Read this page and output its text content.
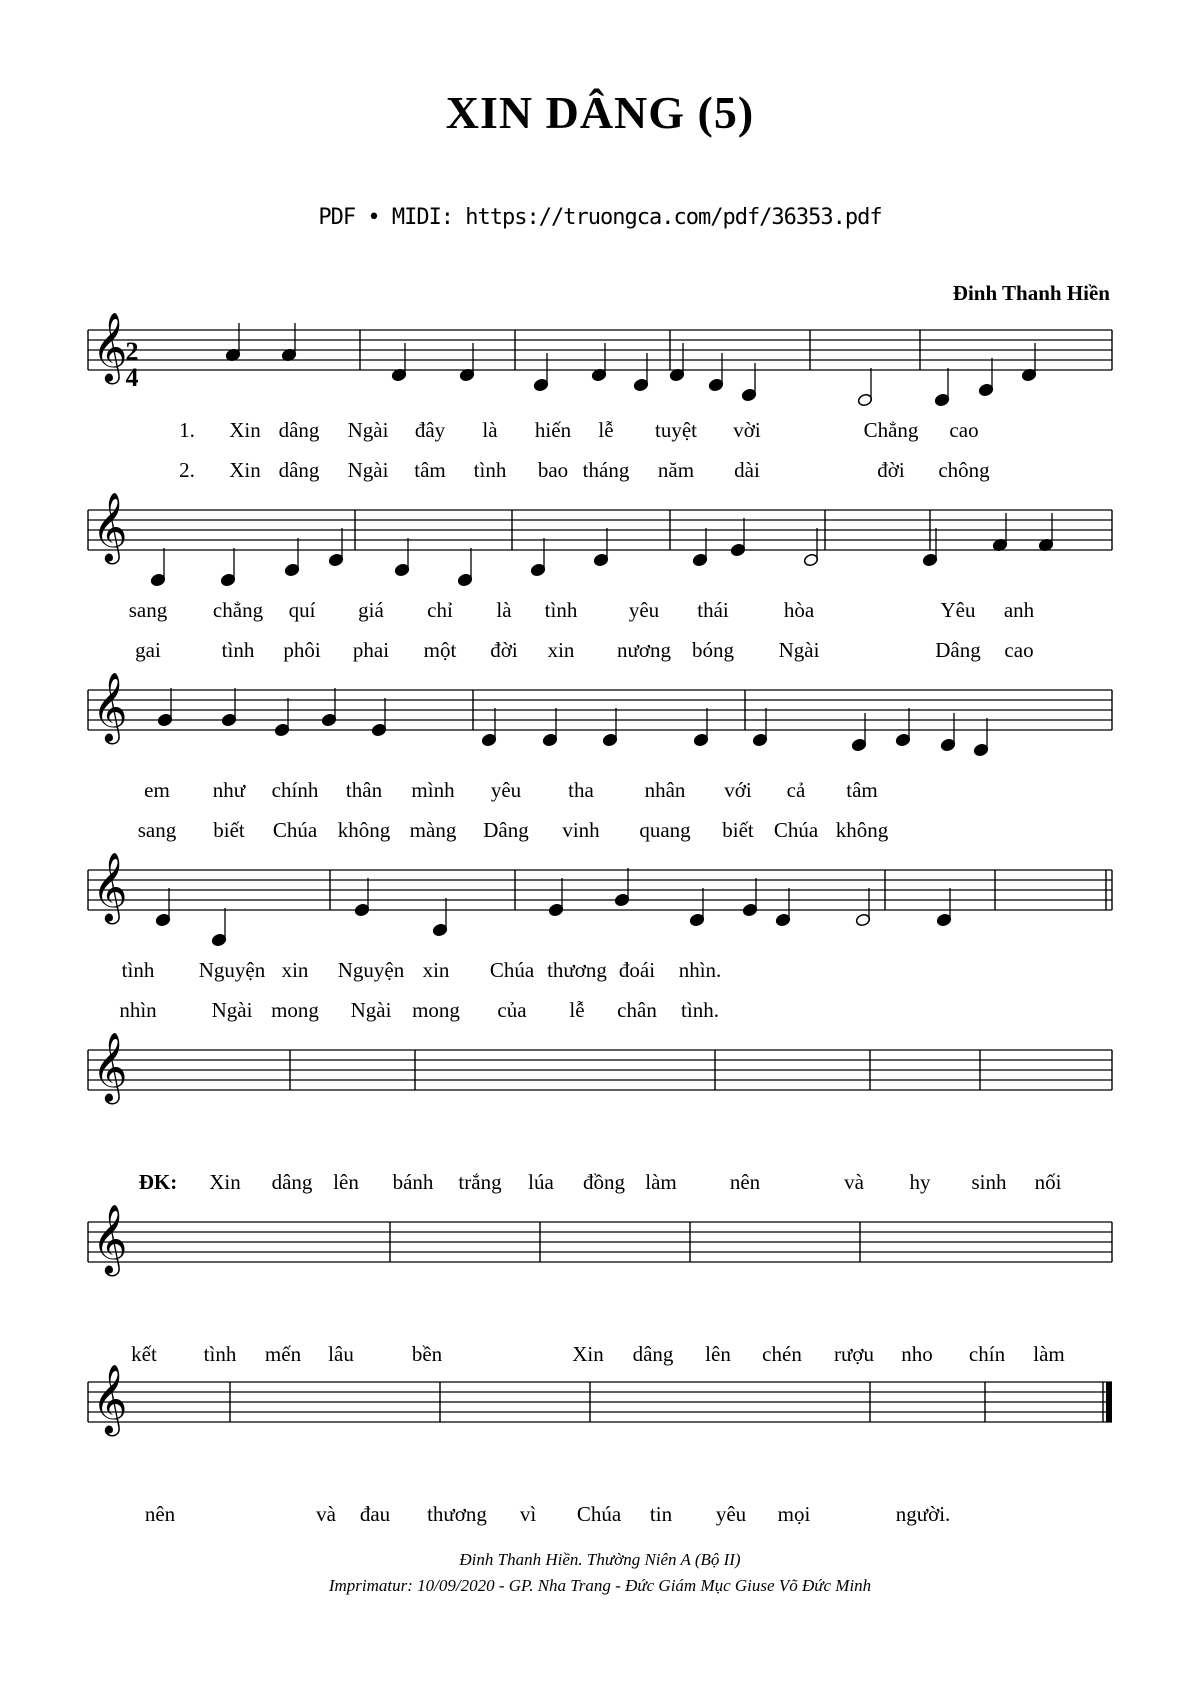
XIN DÂNG (5)
PDF • MIDI: https://truongca.com/pdf/36353.pdf
Đinh Thanh Hiền
2
4
𝄞
𝄞
𝄞
𝄞
𝄞
𝄞
𝄞
1. Xin dâng Ngài đây là hiến lễ tuyệt vời	Chẳng cao
2. Xin dâng Ngài tâm tình bao tháng năm dài	đời chông
sang chẳng quí giá chỉ là tình yêu thái	hòa	Yêu anh
gai	tình phôi phai một đời xin nương bóng Ngài	Dâng cao
em như chính thân mình yêu tha nhân với cả tâm
sang biết Chúa không màng Dâng vinh quang biết Chúa không
tình Nguyện xin Nguyện xin Chúa thương đoái nhìn.
nhìn	Ngài mong Ngài mong của lễ chân tình.
ĐK: Xin dâng lên bánh trắng lúa đồng làm	nên	và hy sinh nối
kết tình mến lâu	bền	Xin dâng lên chén rượu nho chín làm
nên	và đau thương vì Chúa tin yêu mọi	người.
Đinh Thanh Hiền. Thường Niên A (Bộ II)
Imprimatur: 10/09/2020 - GP. Nha Trang - Đức Giám Mục Giuse Võ Đức Minh
